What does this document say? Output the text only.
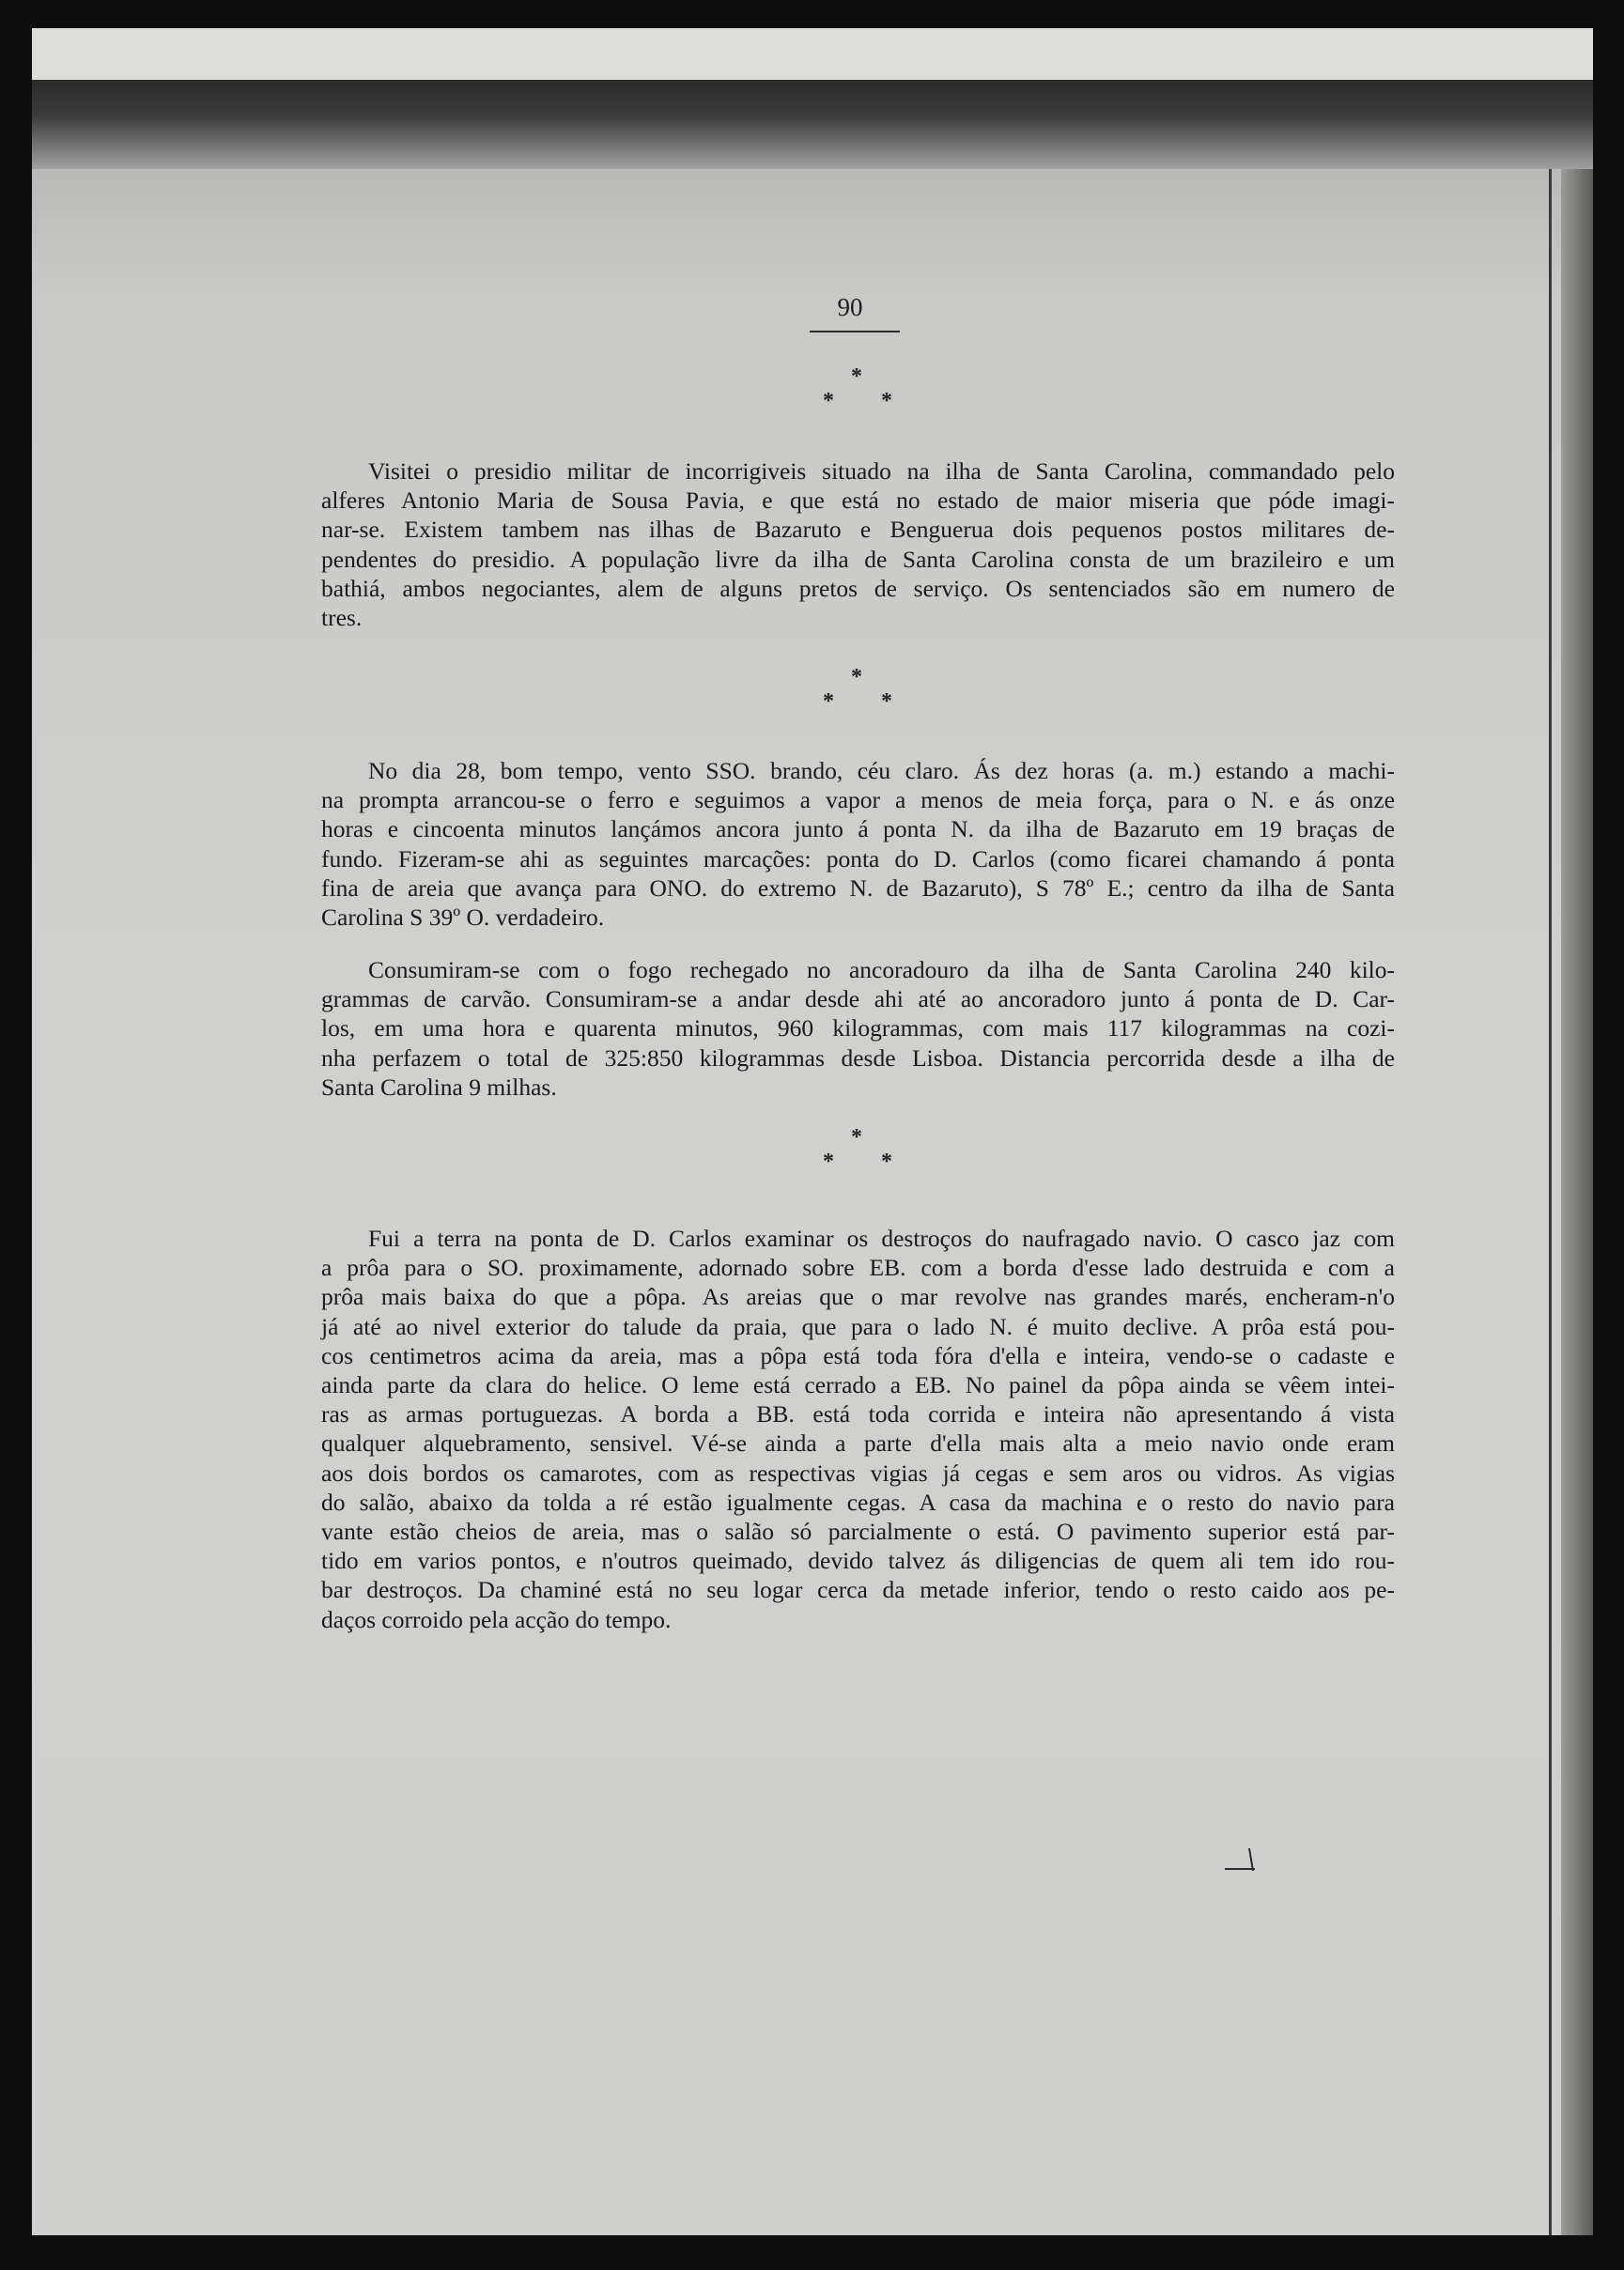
90
*
* *
Visitei o presidio militar de incorrigiveis situado na ilha de Santa Carolina, commandado pelo
alferes Antonio Maria de Sousa Pavia, e que está no estado de maior miseria que póde imagi-
nar-se. Existem tambem nas ilhas de Bazaruto e Benguerua dois pequenos postos militares de-
pendentes do presidio. A população livre da ilha de Santa Carolina consta de um brazileiro e um
bathiá, ambos negociantes, alem de alguns pretos de serviço. Os sentenciados são em numero de
tres.
*
* *
No dia 28, bom tempo, vento SSO. brando, céu claro. Ás dez horas (a. m.) estando a machi-
na prompta arrancou-se o ferro e seguimos a vapor a menos de meia força, para o N. e ás onze
horas e cincoenta minutos lançámos ancora junto á ponta N. da ilha de Bazaruto em 19 braças de
fundo. Fizeram-se ahi as seguintes marcações: ponta do D. Carlos (como ficarei chamando á ponta
fina de areia que avança para ONO. do extremo N. de Bazaruto), S 78º E.; centro da ilha de Santa
Carolina S 39º O. verdadeiro.
Consumiram-se com o fogo rechegado no ancoradouro da ilha de Santa Carolina 240 kilo-
grammas de carvão. Consumiram-se a andar desde ahi até ao ancoradoro junto á ponta de D. Car-
los, em uma hora e quarenta minutos, 960 kilogrammas, com mais 117 kilogrammas na cozi-
nha perfazem o total de 325:850 kilogrammas desde Lisboa. Distancia percorrida desde a ilha de
Santa Carolina 9 milhas.
*
* *
Fui a terra na ponta de D. Carlos examinar os destroços do naufragado navio. O casco jaz com
a prôa para o SO. proximamente, adornado sobre EB. com a borda d'esse lado destruida e com a
prôa mais baixa do que a pôpa. As areias que o mar revolve nas grandes marés, encheram-n'o
já até ao nivel exterior do talude da praia, que para o lado N. é muito declive. A prôa está pou-
cos centimetros acima da areia, mas a pôpa está toda fóra d'ella e inteira, vendo-se o cadaste e
ainda parte da clara do helice. O leme está cerrado a EB. No painel da pôpa ainda se vêem intei-
ras as armas portuguezas. A borda a BB. está toda corrida e inteira não apresentando á vista
qualquer alquebramento, sensivel. Vé-se ainda a parte d'ella mais alta a meio navio onde eram
aos dois bordos os camarotes, com as respectivas vigias já cegas e sem aros ou vidros. As vigias
do salão, abaixo da tolda a ré estão igualmente cegas. A casa da machina e o resto do navio para
vante estão cheios de areia, mas o salão só parcialmente o está. O pavimento superior está par-
tido em varios pontos, e n'outros queimado, devido talvez ás diligencias de quem ali tem ido rou-
bar destroços. Da chaminé está no seu logar cerca da metade inferior, tendo o resto caido aos pe-
daços corroido pela acção do tempo.
